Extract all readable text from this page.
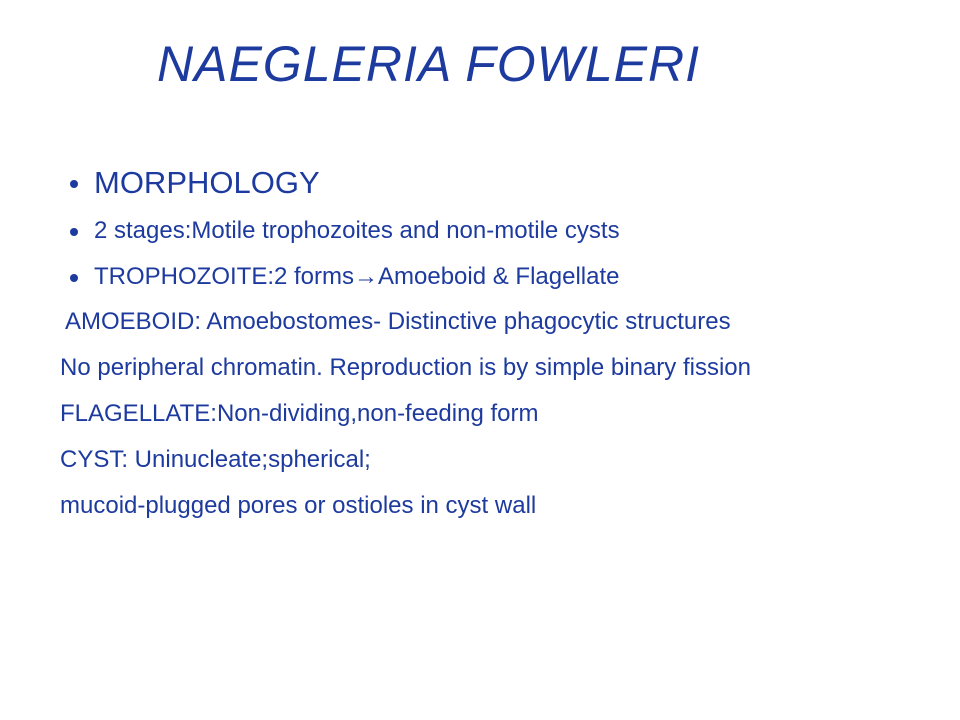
NAEGLERIA FOWLERI
MORPHOLOGY
2 stages:Motile trophozoites and non-motile cysts
TROPHOZOITE:2 forms→Amoeboid & Flagellate
AMOEBOID: Amoebostomes- Distinctive phagocytic structures
No peripheral chromatin. Reproduction is by simple binary fission
FLAGELLATE:Non-dividing,non-feeding form
CYST: Uninucleate;spherical;
mucoid-plugged pores or ostioles in cyst wall
